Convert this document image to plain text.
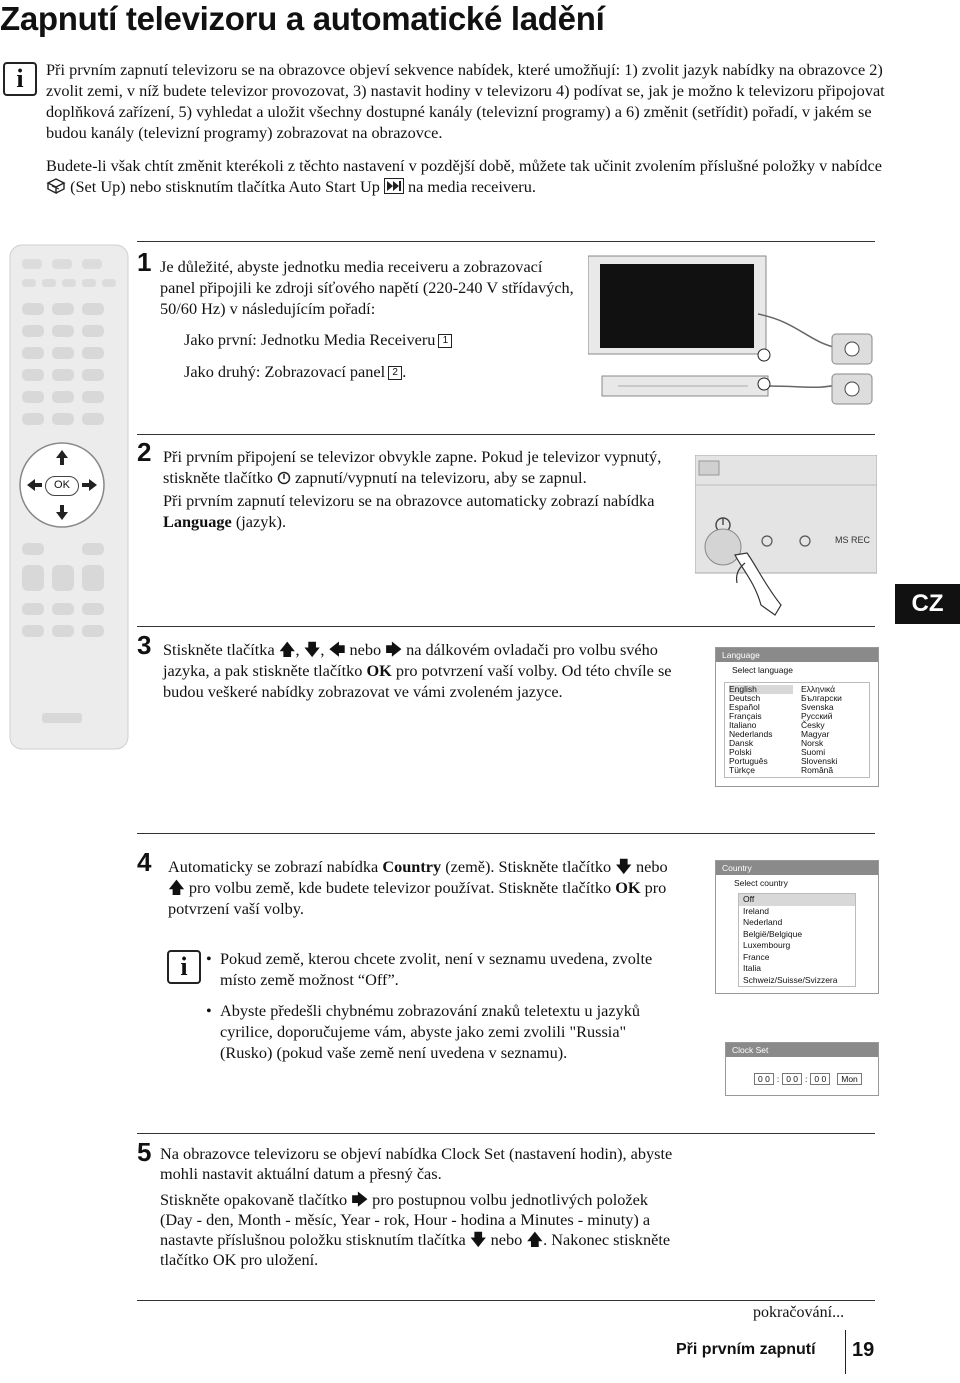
Zapnutí televizoru a automatické ladění
i	Při prvním zapnutí televizoru se na obrazovce objeví sekvence nabídek, které umožňují: 1) zvolit jazyk nabídky na obrazovce 2) zvolit zemi, v níž budete televizor provozovat, 3) nastavit hodiny v televizoru 4) podívat se, jak je možno k televizoru připojovat doplňková zařízení, 5) vyhledat a uložit všechny dostupné kanály (televizní programy) a 6) změnit (setřídit) pořadí, v jakém se budou kanály (televizní programy) zobrazovat na obrazovce.

Budete-li však chtít změnit kterékoli z těchto nastavení v pozdější době, můžete tak učinit zvolením příslušné položky v nabídce  (Set Up) nebo stisknutím tlačítka Auto Start Up na media receiveru.

OK
1 Je důležité, abyste jednotku media receiveru a zobrazovací panel připojili ke zdroji síťového napětí (220-240 V střídavých, 50/60 Hz) v následujícím pořadí:

Jako první: Jednotku Media Receiveru 1

Jako druhý: Zobrazovací panel 2 .

2 Při prvním připojení se televizor obvykle zapne. Pokud je televizor vypnutý, stiskněte tlačítko zapnutí/vypnutí na televizoru, aby se zapnul.

Při prvním zapnutí televizoru se na obrazovce automaticky zobrazí nabídka Language (jazyk).

MS REC
CZ
3 Stiskněte tlačítka 🡅, 🡇, 🡄 nebo 🡆 na dálkovém ovladači pro volbu svého jazyka, a pak stiskněte tlačítko OK pro potvrzení vaší volby. Od této chvíle se budou veškeré nabídky zobrazovat ve vámi zvoleném jazyce.

Language
Select language
English
Deutsch
Español
Français
Italiano
Nederlands
Dansk
Polski
Português
Türkçe
Ελληνικά
Български
Svenska
Русский
Česky
Magyar
Norsk
Suomi
Slovenski
Română
4 Automaticky se zobrazí nabídka Country (země). Stiskněte tlačítko 🡇 nebo 🡅 pro volbu země, kde budete televizor používat. Stiskněte tlačítko OK pro potvrzení vaší volby.

i
•	Pokud země, kterou chcete zvolit, není v seznamu uvedena, zvolte místo země možnost “Off”.
• Abyste předešli chybnému zobrazování znaků teletextu u jazyků cyrilice, doporučujeme vám, abyste jako zemi zvolili "Russia" (Rusko) (pokud vaše země není uvedena v seznamu).
Country
Select country
Off
Ireland
Nederland
België/Belgique
Luxembourg
France
Italia
Schweiz/Suisse/Svizzera
Clock Set
0 0 : 0 0 : 0 0	Mon
5 Na obrazovce televizoru se objeví nabídka Clock Set (nastavení hodin), abyste mohli nastavit aktuální datum a přesný čas.

Stiskněte opakovaně tlačítko 🡆 pro postupnou volbu jednotlivých položek (Day - den, Month - měsíc, Year - rok, Hour - hodina a Minutes - minuty) a nastavte příslušnou položku stisknutím tlačítka 🡇 nebo 🡅. Nakonec stiskněte tlačítko OK pro uložení.

pokračování...
Při prvním zapnutí 19
